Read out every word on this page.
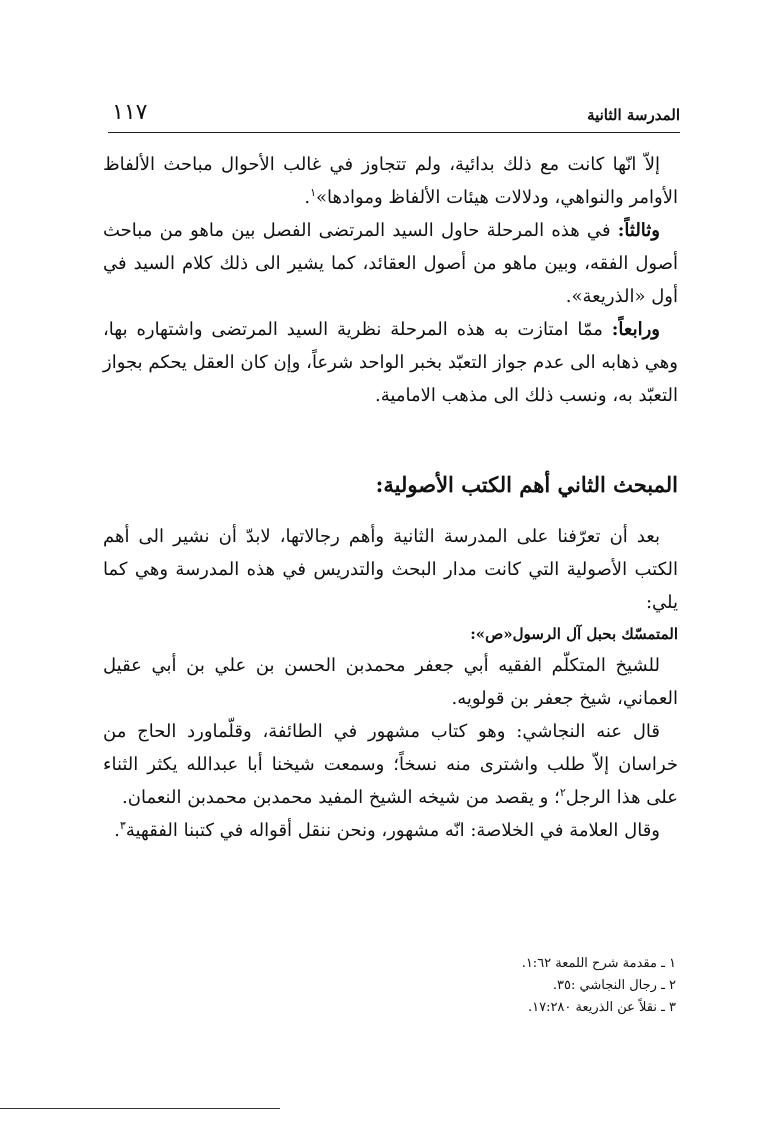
المدرسة الثانية
١١٧

إلاّ انّها كانت مع ذلك بدائية، ولم تتجاوز في غالب الأحوال مباحث الألفاظ الأوامر والنواهي، ودلالات هيئات الألفاظ وموادها»$^١$.

وثالثاً: في هذه المرحلة حاول السيد المرتضى الفصل بين ماهو من مباحث أصول الفقه، وبين ماهو من أصول العقائد، كما يشير الى ذلك كلام السيد في أول «الذريعة».

ورابعاً: ممّا امتازت به هذه المرحلة نظرية السيد المرتضى واشتهاره بها، وهي ذهابه الى عدم جواز التعبّد بخبر الواحد شرعاً، وإن كان العقل يحكم بجواز التعبّد به، ونسب ذلك الى مذهب الامامية.

المبحث الثاني أهم الكتب الأصولية:

بعد أن تعرّفنا على المدرسة الثانية وأهم رجالاتها، لابدّ أن نشير الى أهم الكتب الأصولية التي كانت مدار البحث والتدريس في هذه المدرسة وهي كما يلي:

المتمسّك بحبل آل الرسول«ص»:

للشيخ المتكلّم الفقيه أبي جعفر محمدبن الحسن بن علي بن أبي عقيل العماني، شيخ جعفر بن قولويه.

قال عنه النجاشي: وهو كتاب مشهور في الطائفة، وقلّماورد الحاج من خراسان إلاّ طلب واشترى منه نسخاً؛ وسمعت شيخنا أبا عبدالله يكثر الثناء على هذا الرجل$^٢$؛ و يقصد من شيخه الشيخ المفيد محمدبن محمدبن النعمان.

وقال العلامة في الخلاصة: انّه مشهور، ونحن ننقل أقواله في كتبنا الفقهية$^٣$.

١ ـ مقدمة شرح اللمعة ١:٦٢.

٢ ـ رجال النجاشي :٣٥.

٣ ـ نقلاً عن الذريعة ١٧:٢٨٠.
